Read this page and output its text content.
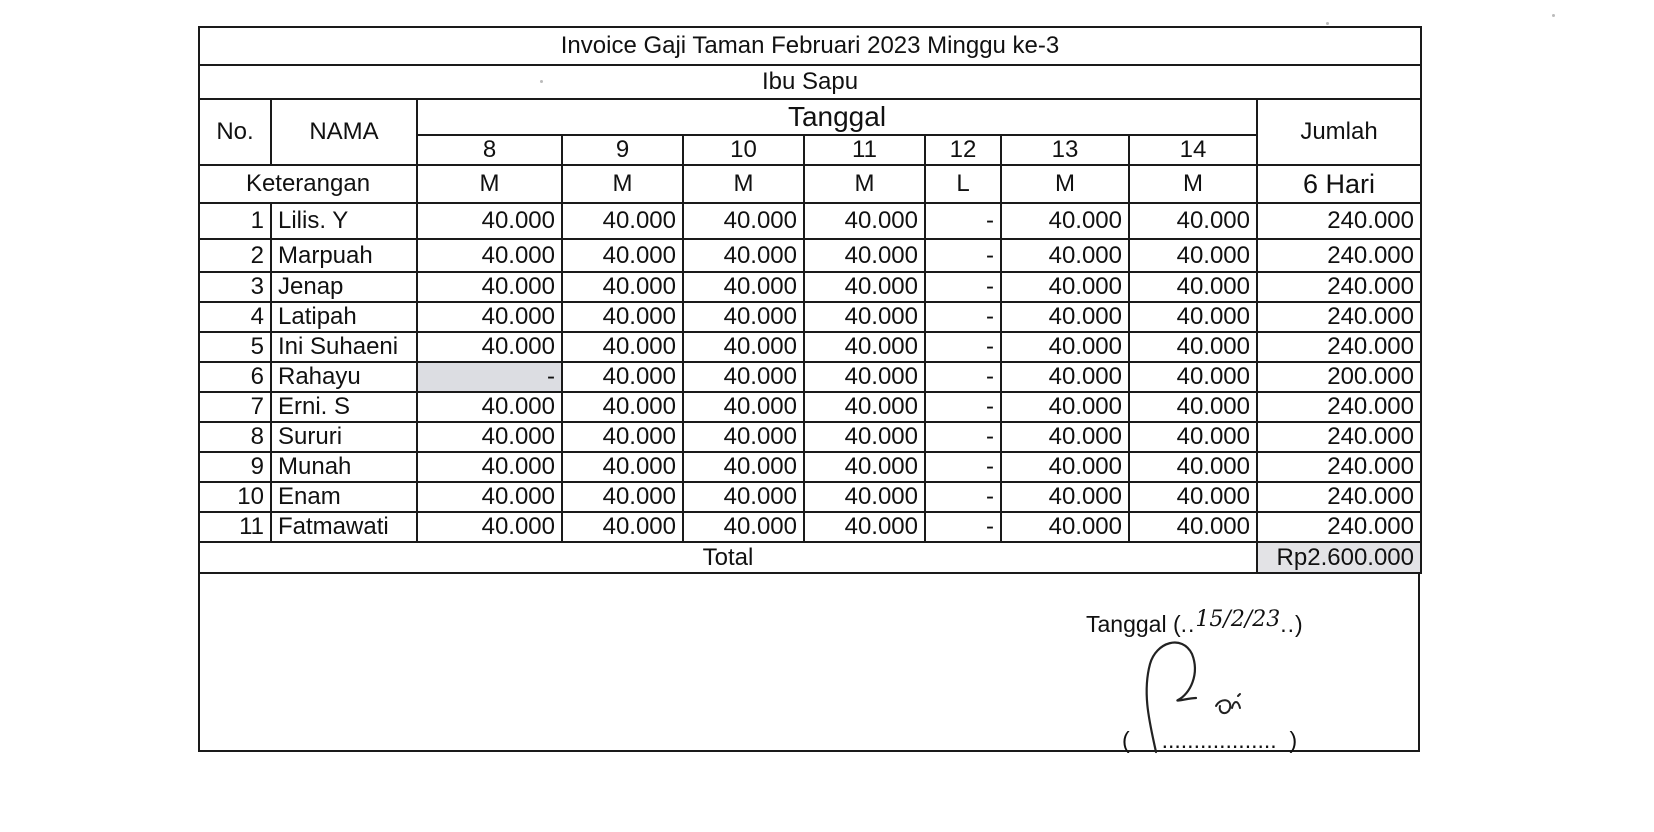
Invoice Gaji Taman Februari 2023 Minggu ke-3									
Ibu Sapu									
No.	NAMA	Tanggal							Jumlah
		8	9	10	11	12	13	14	
Keterangan		M	M	M	M	L	M	M	6 Hari
1	Lilis. Y	40.000	40.000	40.000	40.000	-	40.000	40.000	240.000
2	Marpuah	40.000	40.000	40.000	40.000	-	40.000	40.000	240.000
3	Jenap	40.000	40.000	40.000	40.000	-	40.000	40.000	240.000
4	Latipah	40.000	40.000	40.000	40.000	-	40.000	40.000	240.000
5	Ini Suhaeni	40.000	40.000	40.000	40.000	-	40.000	40.000	240.000
6	Rahayu	-	40.000	40.000	40.000	-	40.000	40.000	200.000
7	Erni. S	40.000	40.000	40.000	40.000	-	40.000	40.000	240.000
8	Sururi	40.000	40.000	40.000	40.000	-	40.000	40.000	240.000
9	Munah	40.000	40.000	40.000	40.000	-	40.000	40.000	240.000
10	Enam	40.000	40.000	40.000	40.000	-	40.000	40.000	240.000
11	Fatmawati	40.000	40.000	40.000	40.000	-	40.000	40.000	240.000
Total									Rp2.600.000
Tanggal (..15/2/23..)
( .................. )
